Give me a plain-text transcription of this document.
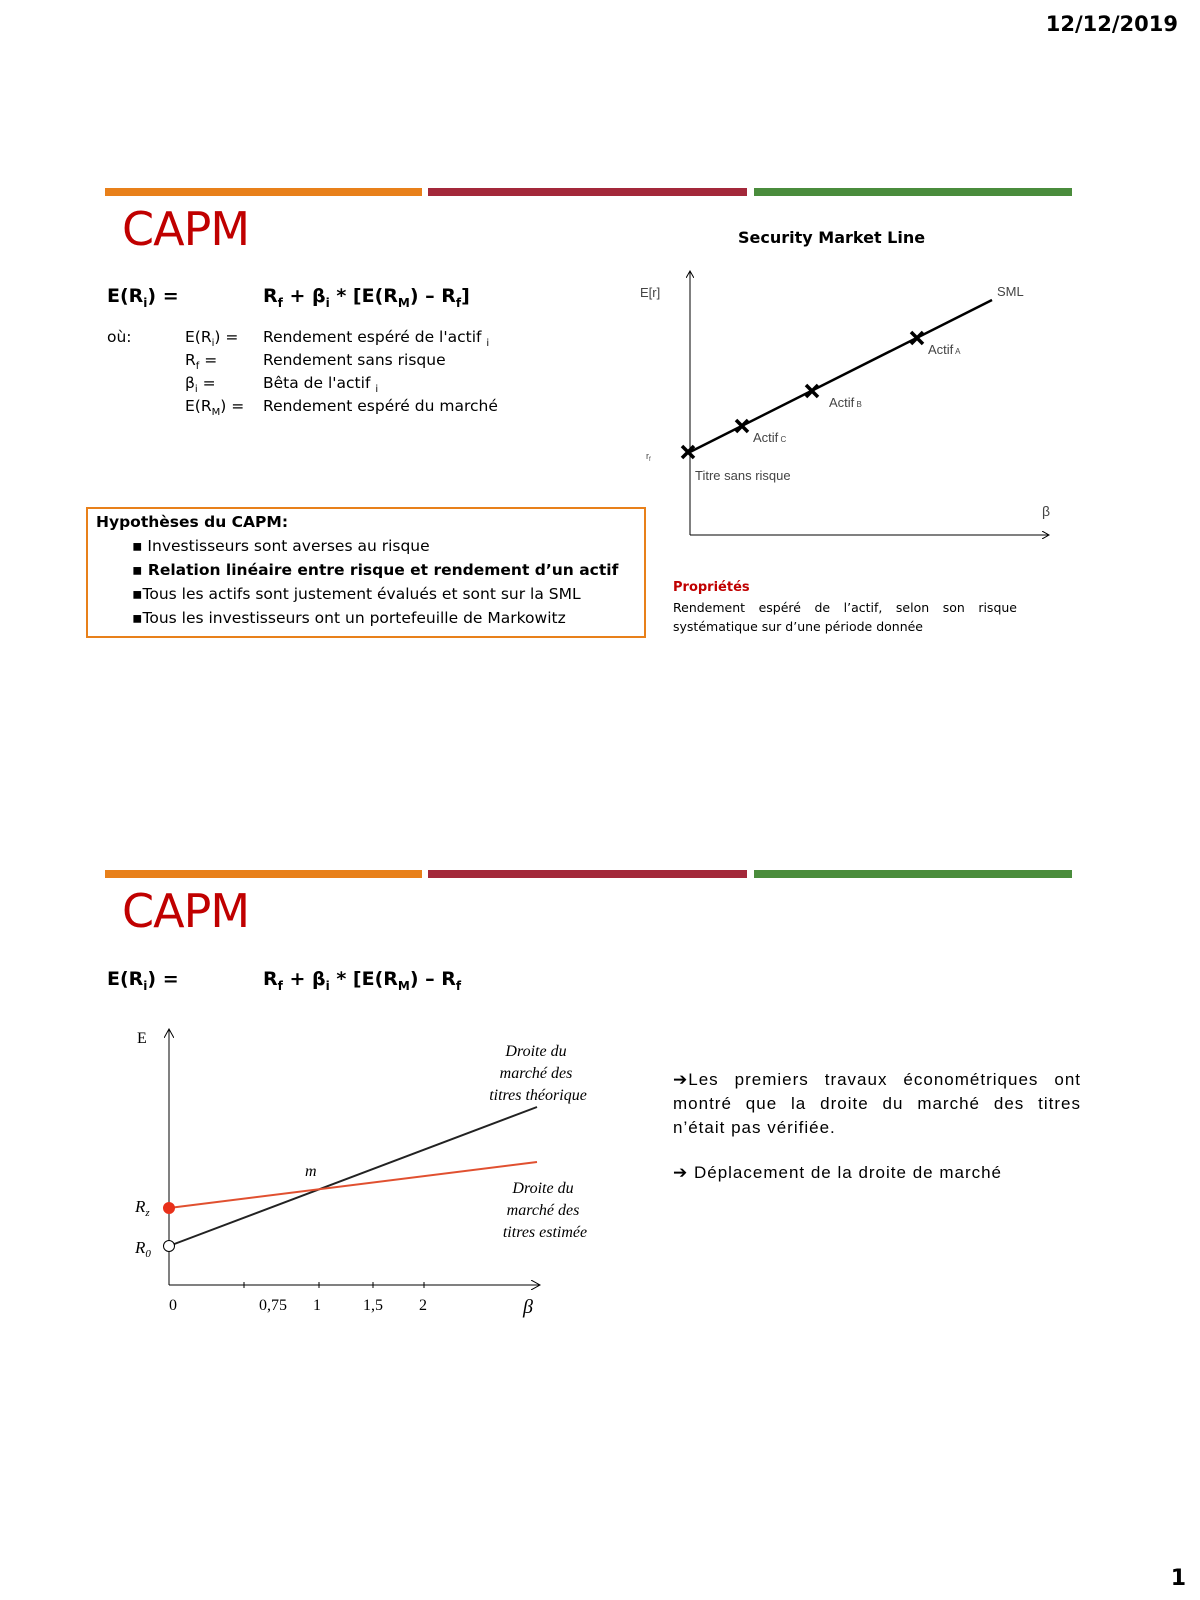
12/12/2019
1
CAPM
$E(R_i)$ =	$R_f + \beta_i * [E(R_M) - R_f]$
où:	$E(R_i)$ = Rendement espéré de l'actif $_i$
$R_f$ =	Rendement sans risque
$\beta_i$ =	Bêta de l'actif $_i$
$E(R_M)$ = Rendement espéré du marché
Hypothèses du CAPM:
▪ Investisseurs sont averses au risque
▪ Relation linéaire entre risque et rendement d’un actif
▪Tous les actifs sont justement évalués et sont sur la SML
▪Tous les investisseurs ont un portefeuille de Markowitz
Security Market Line
E[r]
β
$r_f$
SML
Titre sans risque
Actif C
Actif B
Actif A
Propriétés
Rendement espéré de l’actif, selon son risque systématique sur d’une période donnée
CAPM
$E(R_i)$ =	$R_f + \beta_i * [E(R_M) - R_f$
E
β
0	0,75 1	1,5 2
$R_z$
$R_0$
m
Droite du marché des titres théorique
Droite du marché des titres estimée
➔Les premiers travaux économétriques ont montré que la droite du marché des titres n’était pas vérifiée.
➔ Déplacement de la droite de marché
